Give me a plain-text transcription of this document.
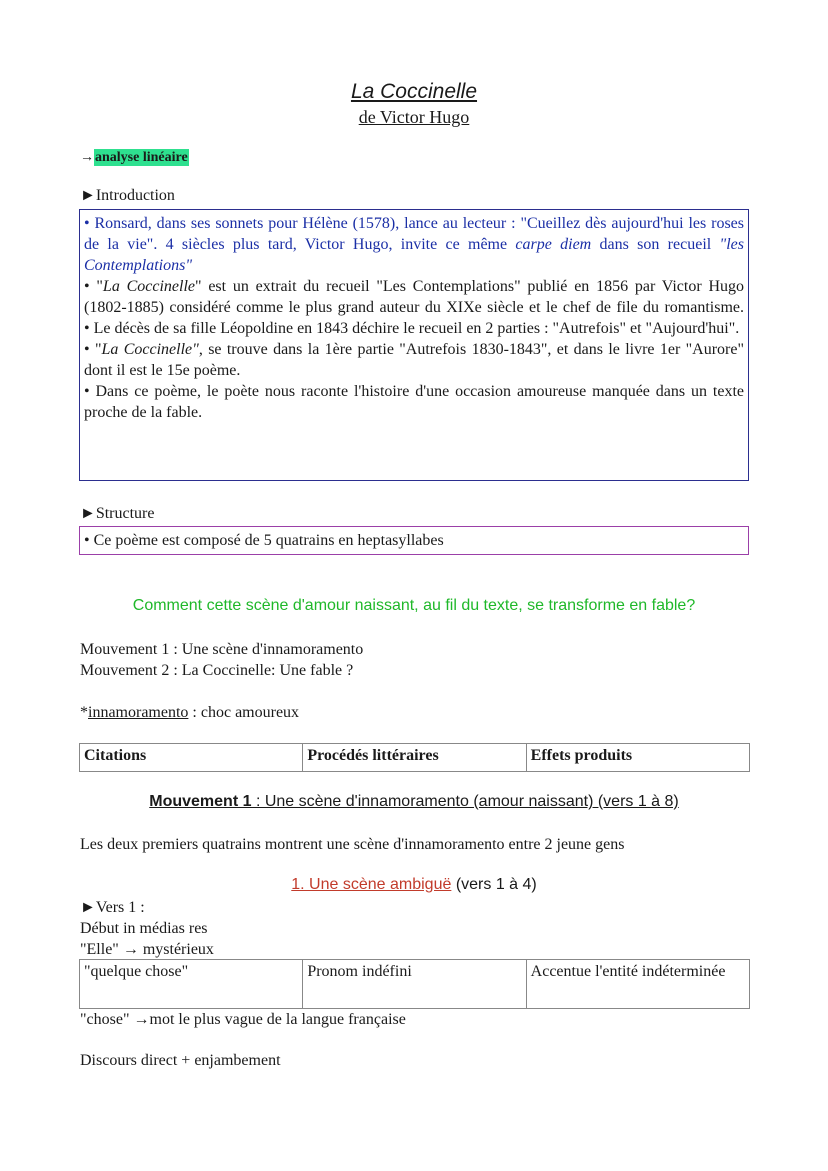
La Coccinelle
de Victor Hugo
→analyse linéaire
►Introduction

• Ronsard, dans ses sonnets pour Hélène (1578), lance au lecteur : "Cueillez dès aujourd'hui les roses de la vie". 4 siècles plus tard, Victor Hugo, invite ce même carpe diem dans son recueil "les Contemplations"

• "La Coccinelle" est un extrait du recueil "Les Contemplations" publié en 1856 par Victor Hugo (1802-1885) considéré comme le plus grand auteur du XIXe siècle et le chef de file du romantisme.

• Le décès de sa fille Léopoldine en 1843 déchire le recueil en 2 parties : "Autrefois" et "Aujourd'hui".

• "La Coccinelle", se trouve dans la 1ère partie "Autrefois 1830-1843", et dans le livre 1er "Aurore" dont il est le 15e poème.

• Dans ce poème, le poète nous raconte l'histoire d'une occasion amoureuse manquée dans un texte proche de la fable.

►Structure
• Ce poème est composé de 5 quatrains en heptasyllabes
Comment cette scène d'amour naissant, au fil du texte, se transforme en fable?
Mouvement 1 : Une scène d'innamoramento
Mouvement 2 : La Coccinelle: Une fable ?
*innamoramento : choc amoureux
Citations	Procédés littéraires	Effets produits
Mouvement 1 : Une scène d'innamoramento (amour naissant) (vers 1 à 8)
Les deux premiers quatrains montrent une scène d'innamoramento entre 2 jeune gens
1. Une scène ambiguë (vers 1 à 4)
►Vers 1 :
Début in médias res
"Elle" → mystérieux
"quelque chose"	Pronom indéfini	Accentue l'entité indéterminée
"chose" →mot le plus vague de la langue française
Discours direct + enjambement
